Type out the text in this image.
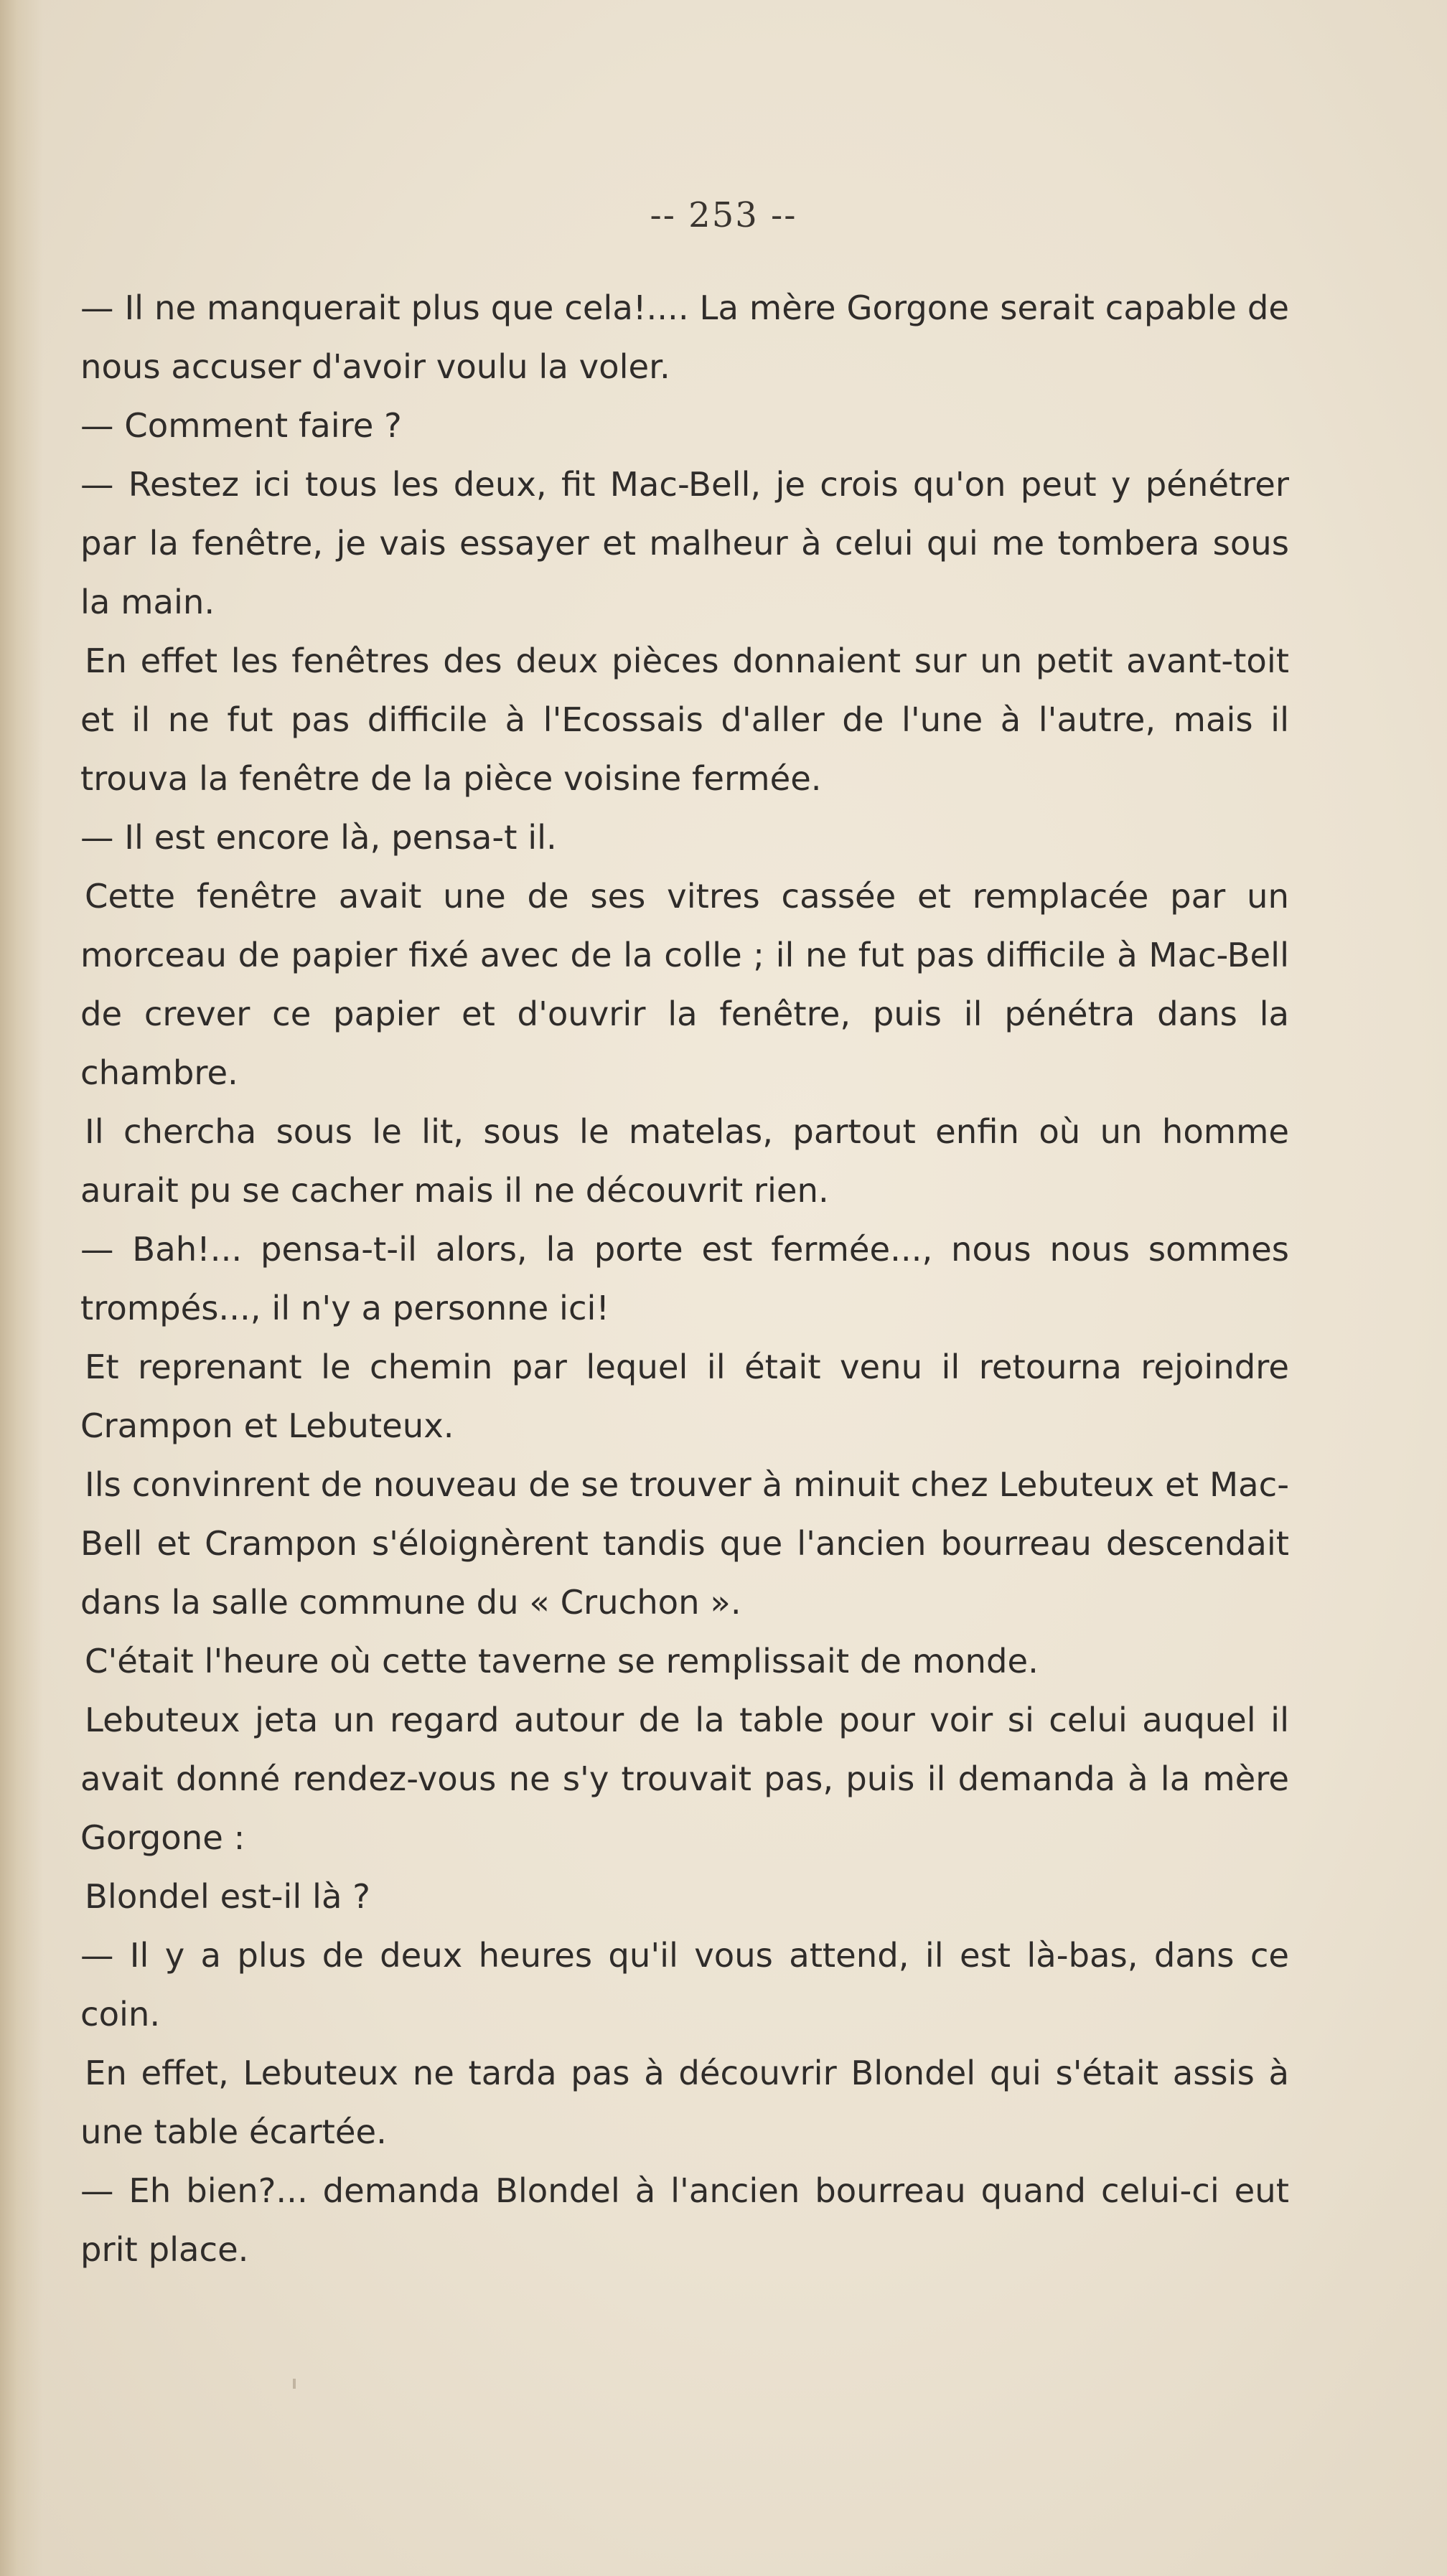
-- 253 --

— Il ne manquerait plus que cela!.... La mère Gorgone serait capable de nous accuser d'avoir voulu la voler.

— Comment faire ?

— Restez ici tous les deux, fit Mac-Bell, je crois qu'on peut y pénétrer par la fenêtre, je vais essayer et malheur à celui qui me tombera sous la main.

En effet les fenêtres des deux pièces donnaient sur un petit avant-toit et il ne fut pas difficile à l'Ecossais d'aller de l'une à l'autre, mais il trouva la fenêtre de la pièce voisine fermée.

— Il est encore là, pensa-t il.

Cette fenêtre avait une de ses vitres cassée et remplacée par un morceau de papier fixé avec de la colle ; il ne fut pas difficile à Mac-Bell de crever ce papier et d'ouvrir la fenêtre, puis il pénétra dans la chambre.

Il chercha sous le lit, sous le matelas, partout enfin où un homme aurait pu se cacher mais il ne découvrit rien.

— Bah!... pensa-t-il alors, la porte est fermée..., nous nous sommes trompés..., il n'y a personne ici!

Et reprenant le chemin par lequel il était venu il retourna rejoindre Crampon et Lebuteux.

Ils convinrent de nouveau de se trouver à minuit chez Lebuteux et Mac-Bell et Crampon s'éloignèrent tandis que l'ancien bourreau descendait dans la salle commune du « Cruchon ».

C'était l'heure où cette taverne se remplissait de monde.

Lebuteux jeta un regard autour de la table pour voir si celui auquel il avait donné rendez-vous ne s'y trouvait pas, puis il demanda à la mère Gorgone :

Blondel est-il là ?

— Il y a plus de deux heures qu'il vous attend, il est là-bas, dans ce coin.

En effet, Lebuteux ne tarda pas à découvrir Blondel qui s'était assis à une table écartée.

— Eh bien?... demanda Blondel à l'ancien bourreau quand celui-ci eut prit place.
